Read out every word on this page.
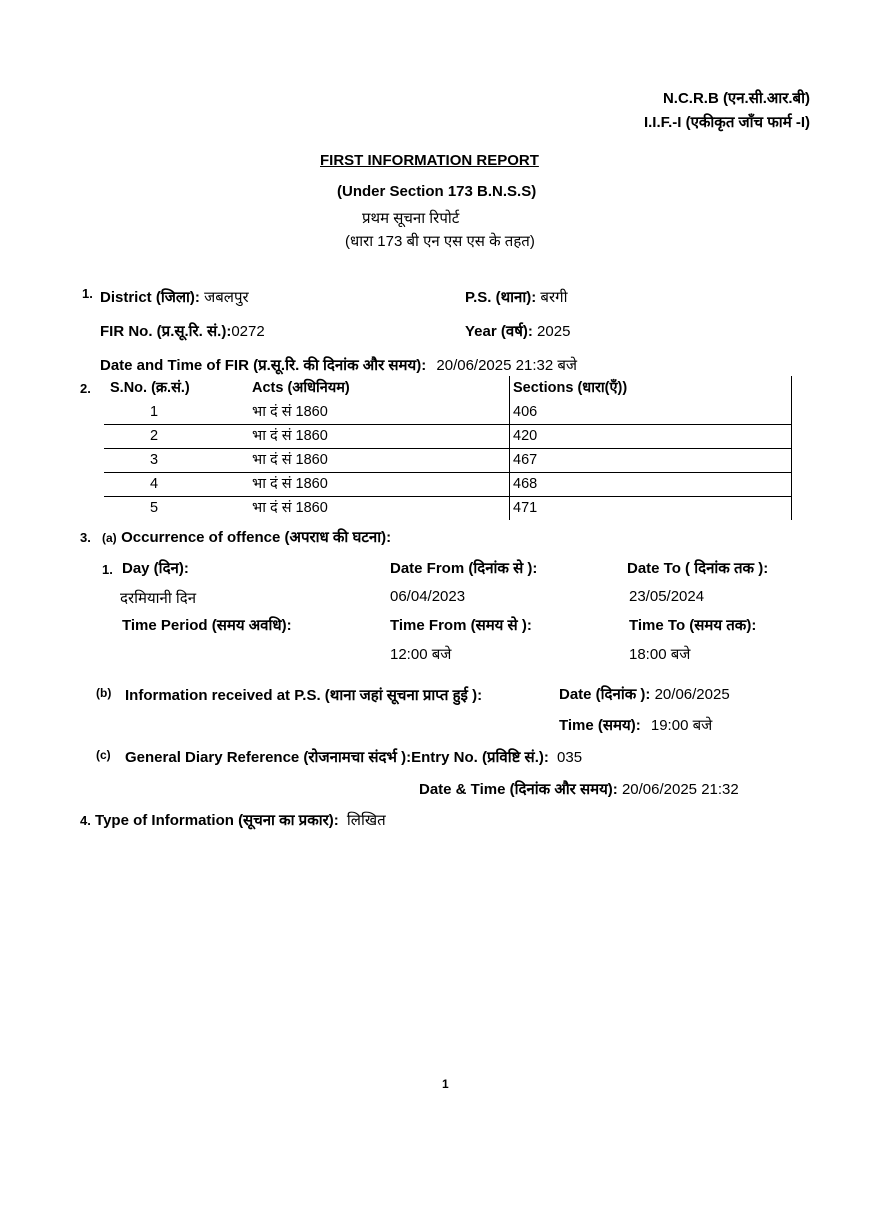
N.C.R.B (एन.सी.आर.बी)
I.I.F.-I (एकीकृत जाँच फार्म -I)
FIRST INFORMATION REPORT
(Under Section 173 B.N.S.S)
प्रथम सूचना रिपोर्ट
(धारा 173 बी एन एस एस के तहत)
1. District (जिला): जबलपुर	P.S. (थाना): बरगी
FIR No. (प्र.सू.रि. सं.):0272	Year (वर्ष): 2025
Date and Time of FIR (प्र.सू.रि. की दिनांक और समय): 20/06/2025 21:32 बजे
2. S.No. (क्र.सं.)	Acts (अधिनियम)	Sections (धारा(एँ))
1	भा दं सं 1860	406
2	भा दं सं 1860	420
3	भा दं सं 1860	467
4	भा दं सं 1860	468
5	भा दं सं 1860	471
3. (a) Occurrence of offence (अपराध की घटना):
1. Day (दिन):
दरमियानी दिन
Date From (दिनांक से ):
06/04/2023
Date To ( दिनांक तक ):
23/05/2024
Time Period (समय अवधि):	Time From (समय से ):
12:00 बजे
Time To (समय तक):
18:00 बजे
(b) Information received at P.S. (थाना जहां सूचना प्राप्त हुई ):	Date (दिनांक ): 20/06/2025
Time (समय): 19:00 बजे
(c) General Diary Reference (रोजनामचा संदर्भ ):Entry No. (प्रविष्टि सं.): 035
Date & Time (दिनांक और समय): 20/06/2025 21:32
4. Type of Information (सूचना का प्रकार): लिखित
1
